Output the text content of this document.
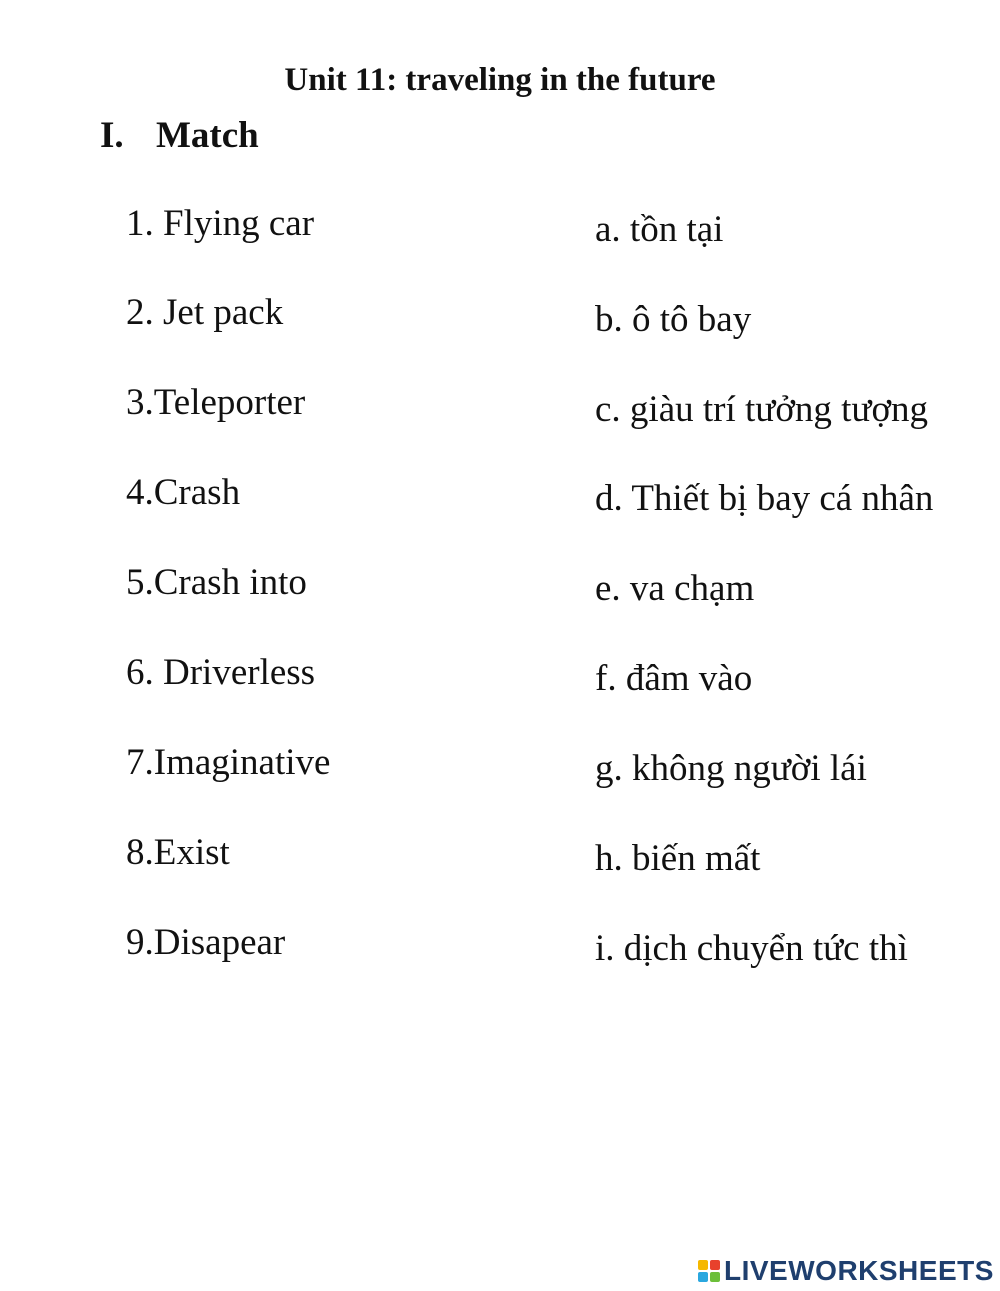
Unit 11: traveling in the future
I. Match
1. Flying car
2. Jet pack
3.Teleporter
4.Crash
5.Crash into
6. Driverless
7.Imaginative
8.Exist
9.Disapear
a. tồn tại
b. ô tô bay
c. giàu trí tưởng tượng
d. Thiết bị bay cá nhân
e. va chạm
f. đâm vào
g. không người lái
h. biến mất
i. dịch chuyển tức thì
LIVEWORKSHEETS
